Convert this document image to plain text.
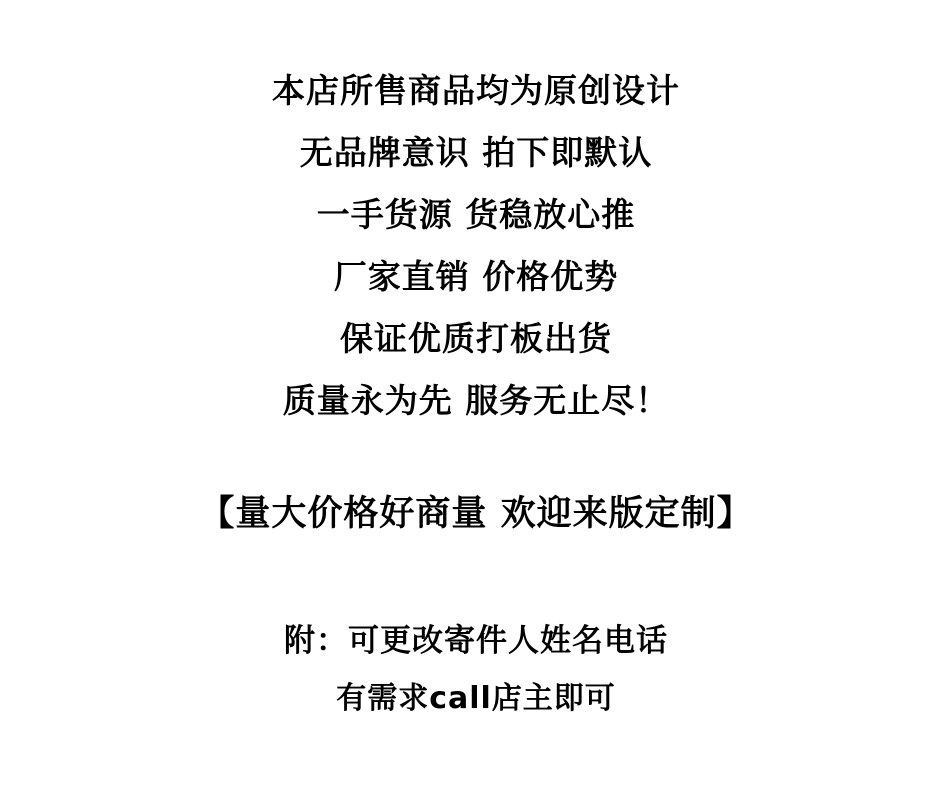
本店所售商品均为原创设计
无品牌意识 拍下即默认
一手货源 货稳放心推
厂家直销 价格优势
保证优质打板出货
质量永为先 服务无止尽！
【量大价格好商量 欢迎来版定制】
附：可更改寄件人姓名电话
有需求call店主即可
